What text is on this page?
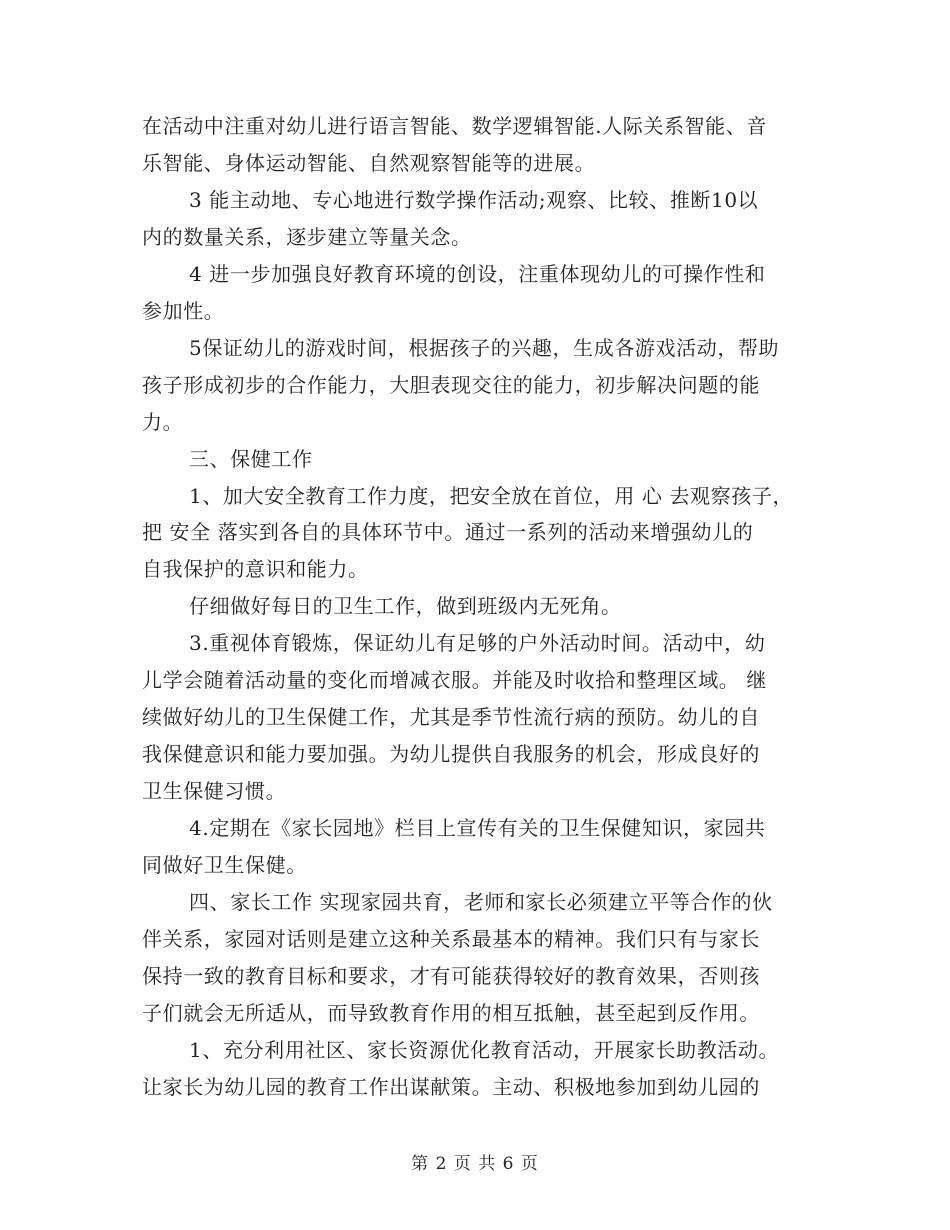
在活动中注重对幼儿进行语言智能、数学逻辑智能.人际关系智能、音
乐智能、身体运动智能、自然观察智能等的进展。
3 能主动地、专心地进行数学操作活动;观察、比较、推断10以
内的数量关系，逐步建立等量关念。
4 进一步加强良好教育环境的创设，注重体现幼儿的可操作性和
参加性。
5保证幼儿的游戏时间，根据孩子的兴趣，生成各游戏活动，帮助
孩子形成初步的合作能力，大胆表现交往的能力，初步解决问题的能
力。
三、保健工作
1、加大安全教育工作力度，把安全放在首位，用 心 去观察孩子，
把 安全 落实到各自的具体环节中。通过一系列的活动来增强幼儿的
自我保护的意识和能力。
仔细做好每日的卫生工作，做到班级内无死角。
3.重视体育锻炼，保证幼儿有足够的户外活动时间。活动中，幼
儿学会随着活动量的变化而增减衣服。并能及时收拾和整理区域。 继
续做好幼儿的卫生保健工作，尤其是季节性流行病的预防。幼儿的自
我保健意识和能力要加强。为幼儿提供自我服务的机会，形成良好的
卫生保健习惯。
4.定期在《家长园地》栏目上宣传有关的卫生保健知识，家园共
同做好卫生保健。
四、家长工作 实现家园共育，老师和家长必须建立平等合作的伙
伴关系，家园对话则是建立这种关系最基本的精神。我们只有与家长
保持一致的教育目标和要求，才有可能获得较好的教育效果，否则孩
子们就会无所适从，而导致教育作用的相互抵触，甚至起到反作用。
1、充分利用社区、家长资源优化教育活动，开展家长助教活动。
让家长为幼儿园的教育工作出谋献策。主动、积极地参加到幼儿园的
第 2 页 共 6 页
